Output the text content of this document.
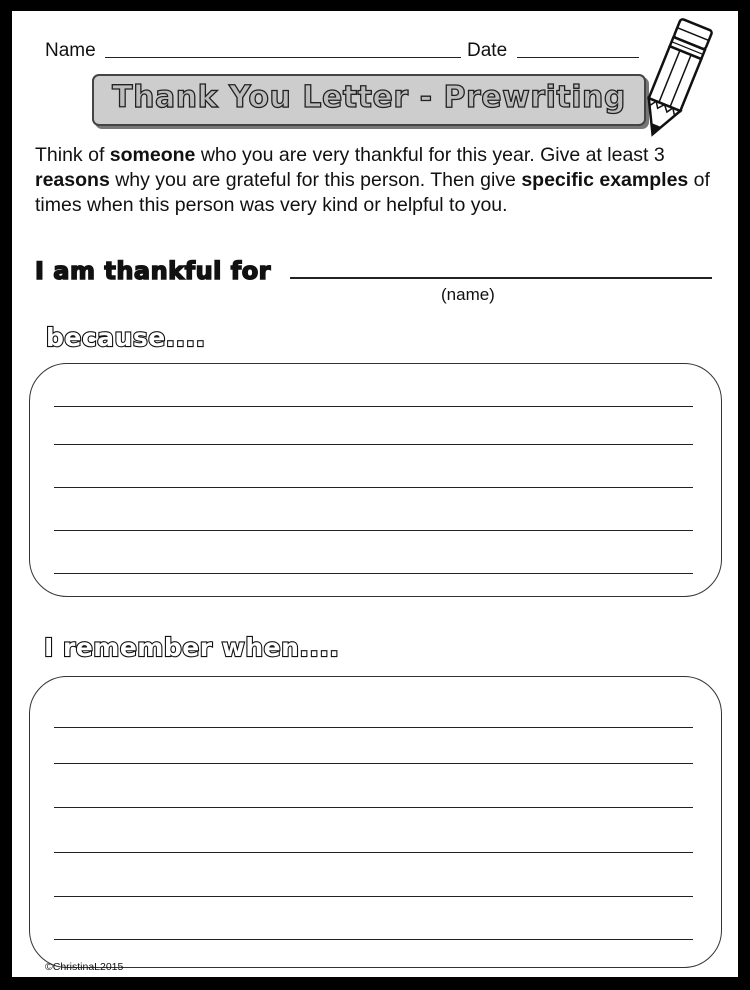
Name	Date
Thank You Letter - Prewriting
Think of someone who you are very thankful for this year. Give at least 3 reasons why you are grateful for this person. Then give specific examples of times when this person was very kind or helpful to you.
I am thankful for
(name)
because....
I remember when....
©ChristinaL2015
